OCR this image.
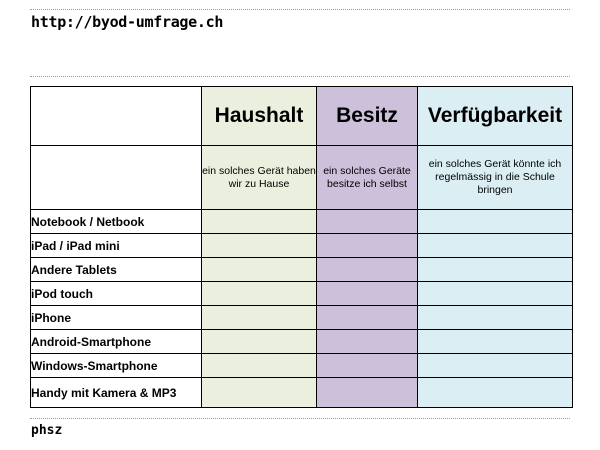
http://byod-umfrage.ch
	Haushalt	Besitz	Verfügbarkeit
	ein solches Gerät haben wir zu Hause	ein solches Geräte besitze ich selbst	ein solches Gerät könnte ich regelmässig in die Schule bringen
Notebook / Netbook			
iPad / iPad mini			
Andere Tablets			
iPod touch			
iPhone			
Android-Smartphone			
Windows-Smartphone			
Handy mit Kamera & MP3			
phsz
